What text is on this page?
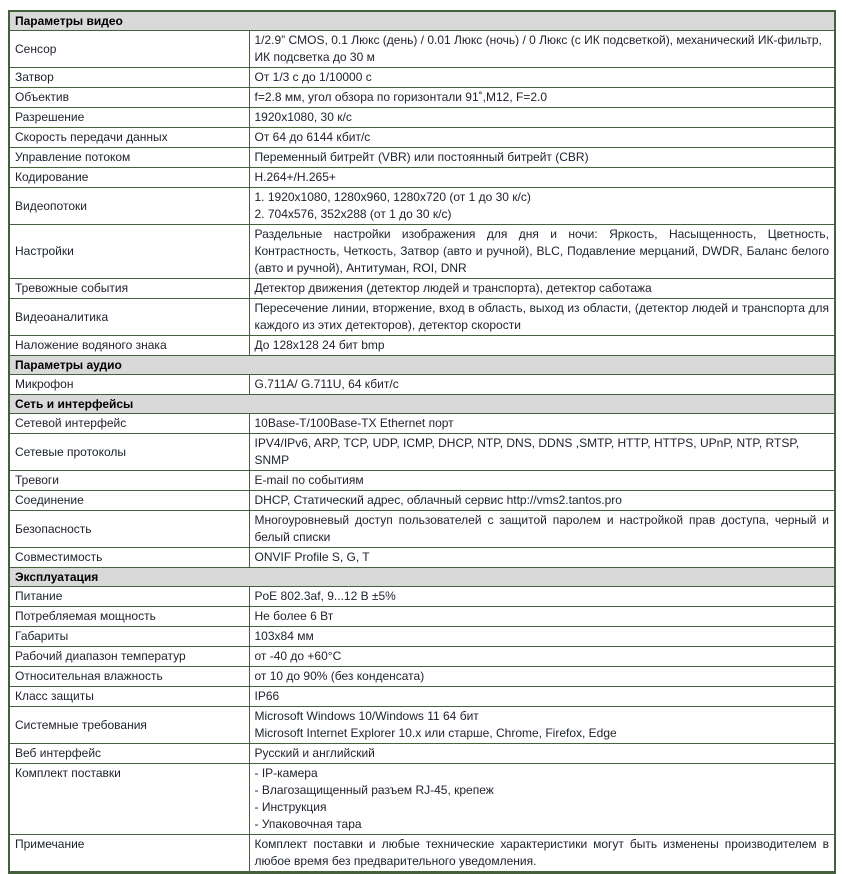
Параметры видео	
Сенсор	1/2.9” CMOS, 0.1 Люкс (день) / 0.01 Люкс (ночь) / 0 Люкс (с ИК подсветкой), механический ИК-фильтр, ИК подсветка до 30 м
Затвор	От 1/3 с до 1/10000 с
Объектив	f=2.8 мм, угол обзора по горизонтали 91˚,M12, F=2.0
Разрешение	1920x1080, 30 к/с
Скорость передачи данных	От 64 до 6144 кбит/с
Управление потоком	Переменный битрейт (VBR) или постоянный битрейт (CBR)
Кодирование	H.264+/H.265+
Видеопотоки	1. 1920x1080, 1280x960, 1280x720 (от 1 до 30 к/с)
2. 704x576, 352x288 (от 1 до 30 к/с)

Настройки	Раздельные настройки изображения для дня и ночи: Яркость, Насыщенность, Цветность, Контрастность, Четкость, Затвор (авто и ручной), BLC, Подавление мерцаний, DWDR, Баланс белого (авто и ручной), Антитуман, ROI, DNR
Тревожные события	Детектор движения (детектор людей и транспорта), детектор саботажа
Видеоаналитика	Пересечение линии, вторжение, вход в область, выход из области, (детектор людей и транспорта для каждого из этих детекторов), детектор скорости
Наложение водяного знака	До 128x128 24 бит bmp
Параметры аудио	
Микрофон	G.711A/ G.711U, 64 кбит/с
Сеть и интерфейсы	
Сетевой интерфейс	10Base-T/100Base-TX Ethernet порт
Сетевые протоколы	IPV4/IPv6, ARP, TCP, UDP, ICMP, DHCP, NTP, DNS, DDNS ,SMTP, HTTP, HTTPS, UPnP, NTP, RTSP, SNMP
Тревоги	E-mail по событиям
Соединение	DHCP, Статический адрес, облачный сервис http://vms2.tantos.pro
Безопасность	Многоуровневый доступ пользователей с защитой паролем и настройкой прав доступа, черный и белый списки
Совместимость	ONVIF Profile S, G, T
Эксплуатация	
Питание	PoE 802.3af, 9...12 В ±5%
Потребляемая мощность	Не более 6 Вт
Габариты	103x84 мм
Рабочий диапазон температур	от -40 до +60°С
Относительная влажность	от 10 до 90% (без конденсата)
Класс защиты	IP66
Системные требования	Microsoft Windows 10/Windows 11 64 бит
Microsoft Internet Explorer 10.x или старше, Chrome, Firefox, Edge

Веб интерфейс	Русский и английский
Комплект поставки	- IP-камера
- Влагозащищенный разъем RJ-45, крепеж
- Инструкция
- Упаковочная тара

Примечание	Комплект поставки и любые технические характеристики могут быть изменены производителем в любое время без предварительного уведомления.
